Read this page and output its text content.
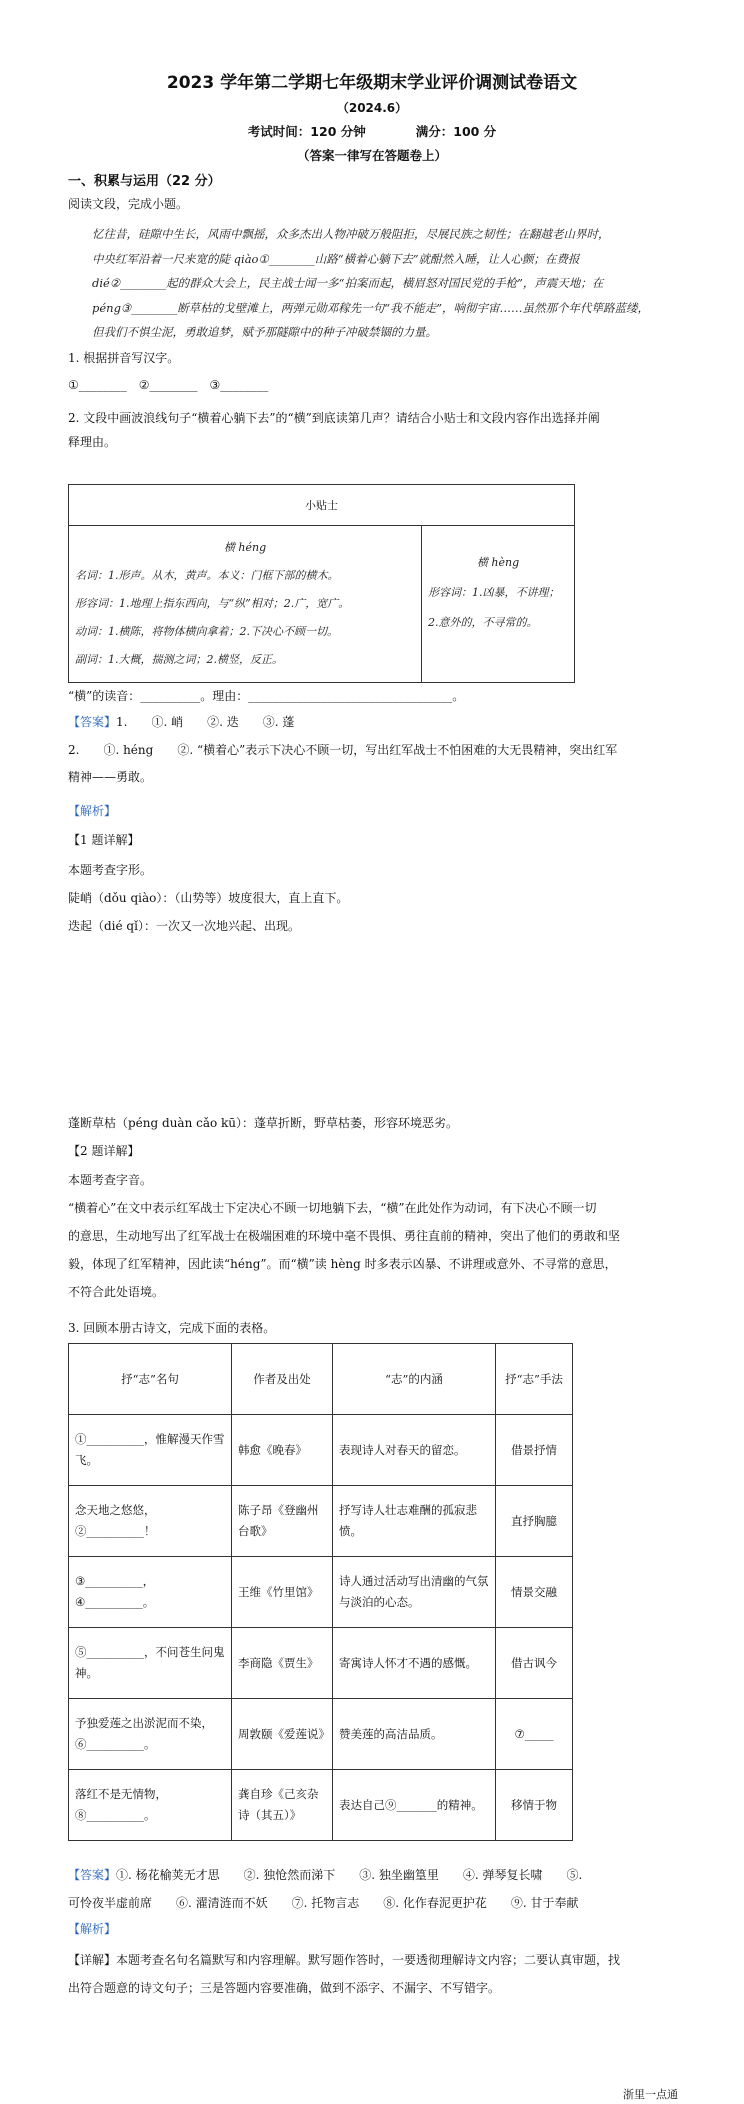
2023 学年第二学期七年级期末学业评价调测试卷语文
（2024.6）
考试时间：120 分钟　　　　满分：100 分
（答案一律写在答题卷上）
一、积累与运用（22 分）
阅读文段，完成小题。
忆往昔，硅隙中生长，风雨中飘摇，众多杰出人物冲破万般阻拒，尽展民族之韧性；在翻越老山界时，
中央红军沿着一尺来宽的陡 qiào①________山路“横着心躺下去”就酣然入睡，让人心颤；在费报
dié②________起的群众大会上，民主战士闻一多“拍案而起，横眉怒对国民党的手枪”，声震天地；在
péng③________断草枯的戈壁滩上，两弹元勋邓稼先一句“我不能走”，响彻宇宙……虽然那个年代筚路蓝缕，
但我们不惧尘泥，勇敢追梦，赋予那隧隙中的种子冲破禁锢的力量。
1. 根据拼音写汉字。
①________　②________　③________
2. 文段中画波浪线句子“横着心躺下去”的“横”到底读第几声？请结合小贴士和文段内容作出选择并阐
释理由。
小贴士

横 héng
名词：1.形声。从木，黄声。本义：门框下部的横木。
形容词：1.地理上指东西向，与“纵”相对；2.广，宽广。
动词：1.横陈，将物体横向拿着；2.下决心不顾一切。
副词：1.大概，揣测之词；2.横竖，反正。

横 hèng
形容词：1.凶暴，不讲理；
2.意外的，不寻常的。
“横”的读音：__________。理由：__________________________________。
【答案】1.　　①. 峭　　②. 迭　　③. 蓬
2.　　①. héng　　②. “横着心”表示下决心不顾一切，写出红军战士不怕困难的大无畏精神，突出红军
精神——勇敢。
【解析】
【1 题详解】
本题考查字形。
陡峭（dǒu qiào）：（山势等）坡度很大，直上直下。
迭起（dié qǐ）：一次又一次地兴起、出现。
蓬断草枯（péng duàn cǎo kū）：蓬草折断，野草枯萎，形容环境恶劣。
【2 题详解】
本题考查字音。
“横着心”在文中表示红军战士下定决心不顾一切地躺下去，“横”在此处作为动词，有下决心不顾一切
的意思，生动地写出了红军战士在极端困难的环境中毫不畏惧、勇往直前的精神，突出了他们的勇敢和坚
毅，体现了红军精神，因此读“héng”。而“横”读 hèng 时多表示凶暴、不讲理或意外、不寻常的意思，
不符合此处语境。
3. 回顾本册古诗文，完成下面的表格。
抒“志”名句	作者及出处	“志”的内涵	抒“志”手法
①__________，惟解漫天作雪飞。	韩愈《晚春》	表现诗人对春天的留恋。	借景抒情
念天地之悠悠，②__________！	陈子昂《登幽州台歌》	抒写诗人壮志难酬的孤寂悲愤。	直抒胸臆
③__________，④__________。	王维《竹里馆》	诗人通过活动写出清幽的气氛与淡泊的心态。	情景交融
⑤__________，不问苍生问鬼神。	李商隐《贾生》	寄寓诗人怀才不遇的感慨。	借古讽今
予独爱莲之出淤泥而不染，⑥__________。	周敦颐《爱莲说》	赞美莲的高洁品质。	⑦_____
落红不是无情物，⑧__________。	龚自珍《己亥杂诗（其五）》	表达自己⑨_______的精神。	移情于物
【答案】①. 杨花榆荚无才思　　②. 独怆然而涕下　　③. 独坐幽篁里　　④. 弹琴复长啸　　⑤.
可怜夜半虚前席　　⑥. 濯清涟而不妖　　⑦. 托物言志　　⑧. 化作春泥更护花　　⑨. 甘于奉献
【解析】
【详解】本题考查名句名篇默写和内容理解。默写题作答时，一要透彻理解诗文内容；二要认真审题，找
出符合题意的诗文句子；三是答题内容要准确，做到不添字、不漏字、不写错字。
浙里一点通
